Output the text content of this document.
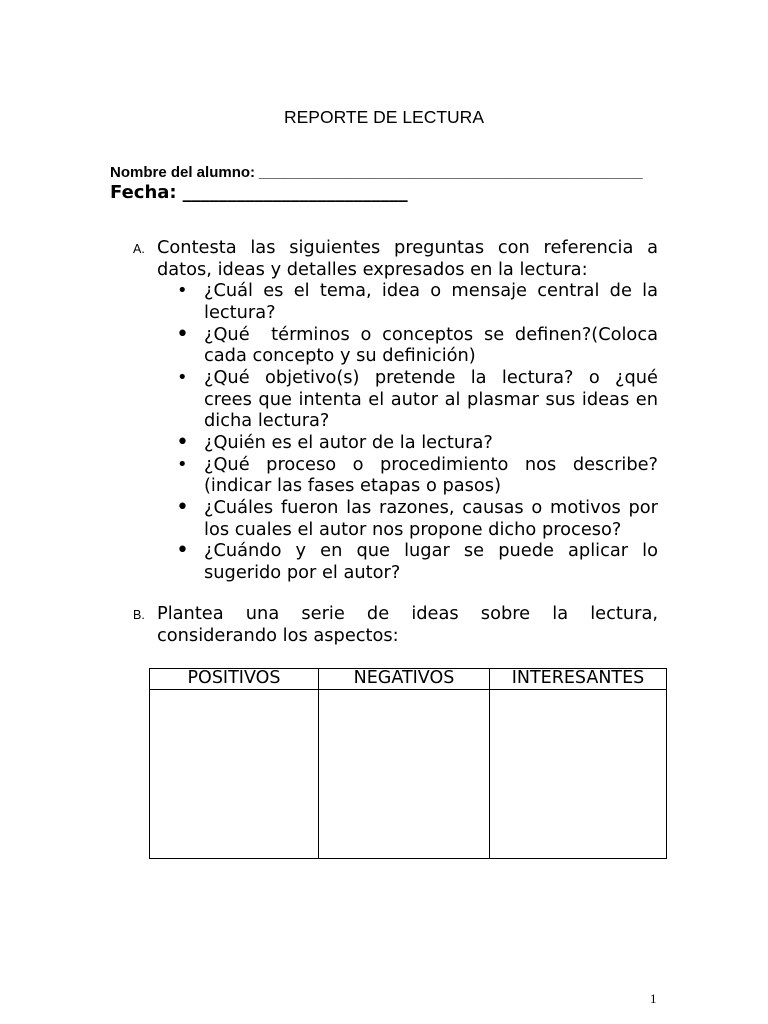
REPORTE DE LECTURA
Nombre del alumno: ______________________________________________
Fecha: _________________________
A. Contesta las siguientes preguntas con referencia a
datos, ideas y detalles expresados en la lectura:
• ¿Cuál es el tema, idea o mensaje central de la
lectura?
• ¿Qué  términos o conceptos se definen?(Coloca
cada concepto y su definición)
• ¿Qué objetivo(s) pretende la lectura? o ¿qué
crees que intenta el autor al plasmar sus ideas en
dicha lectura?
• ¿Quién es el autor de la lectura?
• ¿Qué proceso o procedimiento nos describe?
(indicar las fases etapas o pasos)
• ¿Cuáles fueron las razones, causas o motivos por
los cuales el autor nos propone dicho proceso?
• ¿Cuándo y en que lugar se puede aplicar lo
sugerido por el autor?
B. Plantea una serie de ideas sobre la lectura,
considerando los aspectos:
POSITIVOS	NEGATIVOS	INTERESANTES
1
